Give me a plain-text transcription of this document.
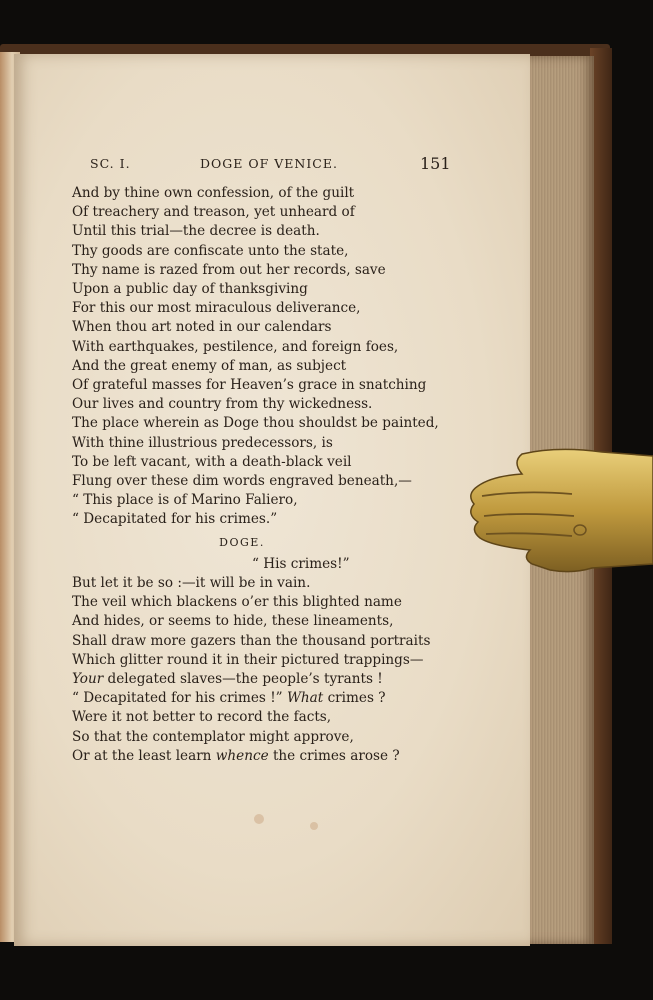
SC. I.	DOGE OF VENICE.	151
And by thine own confession, of the guilt
Of treachery and treason, yet unheard of
Until this trial—the decree is death.
Thy goods are confiscate unto the state,
Thy name is razed from out her records, save
Upon a public day of thanksgiving
For this our most miraculous deliverance,
When thou art noted in our calendars
With earthquakes, pestilence, and foreign foes,
And the great enemy of man, as subject
Of grateful masses for Heaven’s grace in snatching
Our lives and country from thy wickedness.
The place wherein as Doge thou shouldst be painted,
With thine illustrious predecessors, is
To be left vacant, with a death-black veil
Flung over these dim words engraved beneath,—
“ This place is of Marino Faliero,
“ Decapitated for his crimes.”
DOGE.
“ His crimes!”
But let it be so :—it will be in vain.
The veil which blackens o’er this blighted name
And hides, or seems to hide, these lineaments,
Shall draw more gazers than the thousand portraits
Which glitter round it in their pictured trappings—
Your delegated slaves—the people’s tyrants !
“ Decapitated for his crimes !” What crimes ?
Were it not better to record the facts,
So that the contemplator might approve,
Or at the least learn whence the crimes arose ?
